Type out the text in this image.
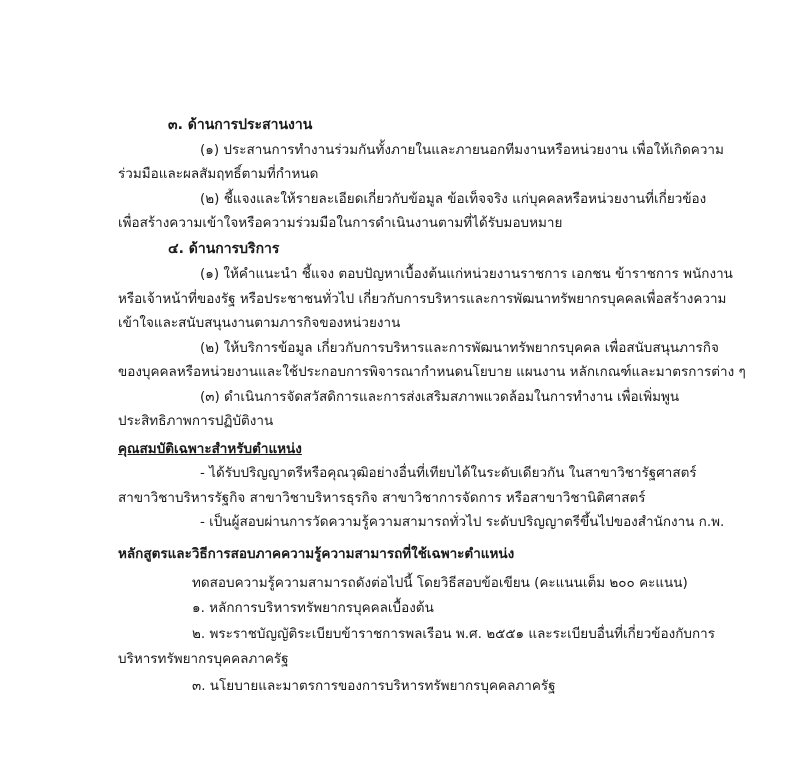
๓. ด้านการประสานงาน
(๑) ประสานการทำงานร่วมกันทั้งภายในและภายนอกทีมงานหรือหน่วยงาน เพื่อให้เกิดความ
ร่วมมือและผลสัมฤทธิ์ตามที่กำหนด
(๒) ชี้แจงและให้รายละเอียดเกี่ยวกับข้อมูล ข้อเท็จจริง แก่บุคคลหรือหน่วยงานที่เกี่ยวข้อง
เพื่อสร้างความเข้าใจหรือความร่วมมือในการดำเนินงานตามที่ได้รับมอบหมาย
๔. ด้านการบริการ
(๑) ให้คำแนะนำ ชี้แจง ตอบปัญหาเบื้องต้นแก่หน่วยงานราชการ เอกชน ข้าราชการ พนักงาน
หรือเจ้าหน้าที่ของรัฐ หรือประชาชนทั่วไป เกี่ยวกับการบริหารและการพัฒนาทรัพยากรบุคคลเพื่อสร้างความ
เข้าใจและสนับสนุนงานตามภารกิจของหน่วยงาน
(๒) ให้บริการข้อมูล เกี่ยวกับการบริหารและการพัฒนาทรัพยากรบุคคล เพื่อสนับสนุนภารกิจ
ของบุคคลหรือหน่วยงานและใช้ประกอบการพิจารณากำหนดนโยบาย แผนงาน หลักเกณฑ์และมาตรการต่าง ๆ
(๓) ดำเนินการจัดสวัสดิการและการส่งเสริมสภาพแวดล้อมในการทำงาน เพื่อเพิ่มพูน
ประสิทธิภาพการปฏิบัติงาน
คุณสมบัติเฉพาะสำหรับตำแหน่ง
- ได้รับปริญญาตรีหรือคุณวุฒิอย่างอื่นที่เทียบได้ในระดับเดียวกัน ในสาขาวิชารัฐศาสตร์
สาขาวิชาบริหารรัฐกิจ สาขาวิชาบริหารธุรกิจ สาขาวิชาการจัดการ หรือสาขาวิชานิติศาสตร์
- เป็นผู้สอบผ่านการวัดความรู้ความสามารถทั่วไป ระดับปริญญาตรีขึ้นไปของสำนักงาน ก.พ.
หลักสูตรและวิธีการสอบภาคความรู้ความสามารถที่ใช้เฉพาะตำแหน่ง
ทดสอบความรู้ความสามารถดังต่อไปนี้ โดยวิธีสอบข้อเขียน (คะแนนเต็ม ๒๐๐ คะแนน)
๑. หลักการบริหารทรัพยากรบุคคลเบื้องต้น
๒. พระราชบัญญัติระเบียบข้าราชการพลเรือน พ.ศ. ๒๕๕๑ และระเบียบอื่นที่เกี่ยวข้องกับการ
บริหารทรัพยากรบุคคลภาครัฐ
๓. นโยบายและมาตรการของการบริหารทรัพยากรบุคคลภาครัฐ
